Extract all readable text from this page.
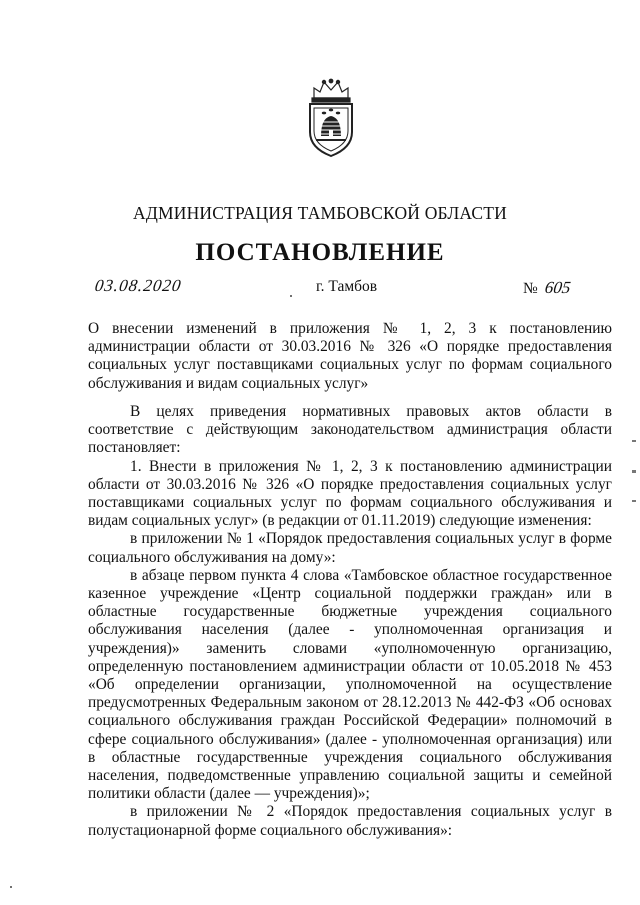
АДМИНИСТРАЦИЯ ТАМБОВСКОЙ ОБЛАСТИ
ПОСТАНОВЛЕНИЕ
03.08.2020	г. Тамбов	№ 605

О внесении изменений в приложения № 1, 2, 3 к постановлению администрации области от 30.03.2016 № 326 «О порядке предоставления социальных услуг поставщиками социальных услуг по формам социального обслуживания и видам социальных услуг»

В целях приведения нормативных правовых актов области в соответствие с действующим законодательством администрация области постановляет:

1. Внести в приложения № 1, 2, 3 к постановлению администрации области от 30.03.2016 № 326 «О порядке предоставления социальных услуг поставщиками социальных услуг по формам социального обслуживания и видам социальных услуг» (в редакции от 01.11.2019) следующие изменения:

в приложении № 1 «Порядок предоставления социальных услуг в форме социального обслуживания на дому»:

в абзаце первом пункта 4 слова «Тамбовское областное государственное казенное учреждение «Центр социальной поддержки граждан» или в областные государственные бюджетные учреждения социального обслуживания населения (далее - уполномоченная организация и учреждения)» заменить словами «уполномоченную организацию, определенную постановлением администрации области от 10.05.2018 № 453 «Об определении организации, уполномоченной на осуществление предусмотренных Федеральным законом от 28.12.2013 № 442-ФЗ «Об основах социального обслуживания граждан Российской Федерации» полномочий в сфере социального обслуживания» (далее - уполномоченная организация) или в областные государственные учреждения социального обслуживания населения, подведомственные управлению социальной защиты и семейной политики области (далее — учреждения)»;

в приложении № 2 «Порядок предоставления социальных услуг в полустационарной форме социального обслуживания»:
